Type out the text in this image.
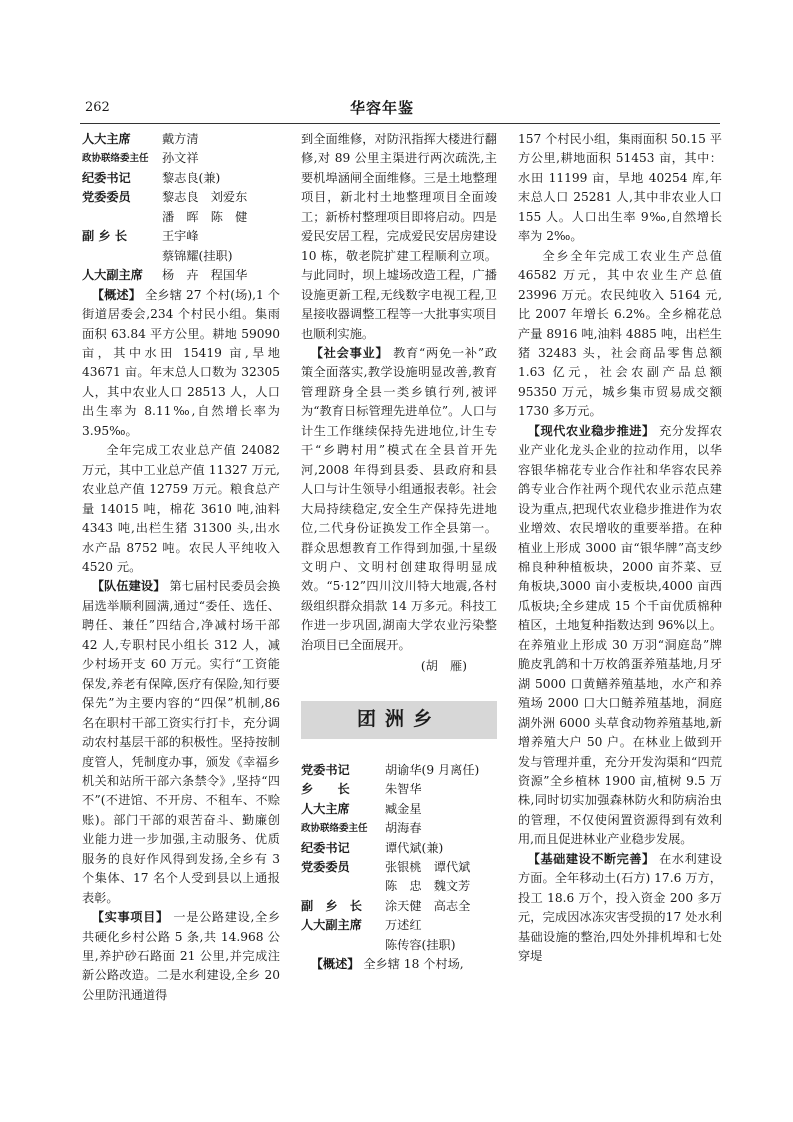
262	华容年鉴
人大主席	戴方清
政协联络委主任	孙文祥
纪委书记	黎志良(兼)
党委委员	黎志良　刘爱东
潘　晖　陈　健
副 乡 长	王宇峰
蔡锦耀(挂职)
人大副主席	杨　卉　程国华

【概述】 全乡辖 27 个村(场),1 个街道居委会,234 个村民小组。集雨面积 63.84 平方公里。耕地 59090 亩，其中水田 15419 亩,旱地 43671 亩。年末总人口数为 32305 人，其中农业人口 28513 人，人口出生率为 8.11‰,自然增长率为 3.95‰。

全年完成工农业总产值 24082 万元，其中工业总产值 11327 万元,农业总产值 12759 万元。粮食总产量 14015 吨，棉花 3610 吨,油料 4343 吨,出栏生猪 31300 头,出水水产品 8752 吨。农民人平纯收入 4520 元。

【队伍建设】 第七届村民委员会换届选举顺利圆满,通过“委任、选任、聘任、兼任”四结合,净减村场干部 42 人,专职村民小组长 312 人，减少村场开支 60 万元。实行“工资能保发,养老有保障,医疗有保险,知行要保先”为主要内容的“四保”机制,86 名在职村干部工资实行打卡，充分调动农村基层干部的积极性。坚持按制度管人，凭制度办事，颁发《幸福乡机关和站所干部六条禁令》,坚持“四不”(不进馆、不开房、不租车、不赊账)。部门干部的艰苦奋斗、勤廉创业能力进一步加强,主动服务、优质服务的良好作风得到发扬,全乡有 3 个集体、17 名个人受到县以上通报表彰。

【实事项目】 一是公路建设,全乡共硬化乡村公路 5 条,共 14.968 公里,养护砂石路面 21 公里,并完成注新公路改造。二是水利建设,全乡 20 公里防汛通道得

到全面维修，对防汛指挥大楼进行翻修,对 89 公里主渠进行两次疏洗,主要机埠涵闸全面维修。三是土地整理项目，新北村土地整理项目全面竣工；新桥村整理项目即将启动。四是爱民安居工程，完成爱民安居房建设 10 栋，敬老院扩建工程顺利立项。与此同时，坝上墟场改造工程，广播设施更新工程,无线数字电视工程,卫星接收器调整工程等一大批事实项目也顺利实施。

【社会事业】 教育“两免一补”政策全面落实,教学设施明显改善,教育管理跻身全县一类乡镇行列,被评为“教育日标管理先进单位”。人口与计生工作继续保持先进地位,计生专干“乡聘村用”模式在全县首开先河,2008 年得到县委、县政府和县人口与计生领导小组通报表彰。社会大局持续稳定,安全生产保持先进地位,二代身份证换发工作全县第一。群众思想教育工作得到加强,十星级文明户、文明村创建取得明显成效。“5·12”四川汶川特大地震,各村级组织群众捐款 14 万多元。科技工作进一步巩固,湖南大学农业污染整治项目已全面展开。

(胡　雁)
团洲乡
党委书记	胡谕华(9 月离任)
乡　　长	朱智华
人大主席	臧金星
政协联络委主任	胡海春
纪委书记	谭代斌(兼)
党委委员	张银桃　谭代斌
陈　忠　魏文芳
副　乡　长	涂天健　高志全
人大副主席	万述红
陈传容(挂职)

【概述】 全乡辖 18 个村场,

157 个村民小组，集雨面积 50.15 平方公里,耕地面积 51453 亩，其中：水田 11199 亩，旱地 40254 库,年末总人口 25281 人,其中非农业人口 155 人。人口出生率 9‰,自然增长率为 2‰。

全乡全年完成工农业生产总值 46582 万元，其中农业生产总值 23996 万元。农民纯收入 5164 元,比 2007 年增长 6.2%。全乡棉花总产量 8916 吨,油料 4885 吨，出栏生猪 32483 头，社会商品零售总额 1.63 亿元，社会农副产品总额 95350 万元，城乡集市贸易成交额1730 多万元。

【现代农业稳步推进】 充分发挥农业产业化龙头企业的拉动作用，以华容银华棉花专业合作社和华容农民养鸽专业合作社两个现代农业示范点建设为重点,把现代农业稳步推进作为农业增效、农民增收的重要举措。在种植业上形成 3000 亩“银华牌”高支纱棉良种种植板块，2000 亩芥菜、豆角板块,3000 亩小麦板块,4000 亩西瓜板块;全乡建成 15 个千亩优质棉种植区，土地复种指数达到 96%以上。在养殖业上形成 30 万羽“洞庭岛”牌脆皮乳鸽和十万枚鸽蛋养殖基地,月牙湖 5000 口黄鳝养殖基地，水产和养殖场 2000 口大口鲢养殖基地，洞庭湖外洲 6000 头草食动物养殖基地,新增养殖大户 50 户。在林业上做到开发与管理并重，充分开发沟渠和“四荒资源”全乡植林 1900 亩,植树 9.5 万株,同时切实加强森林防火和防病治虫的管理，不仅使闲置资源得到有效利用,而且促进林业产业稳步发展。

【基础建设不断完善】 在水利建设方面。全年移动土(石方) 17.6 万方，投工 18.6 万个，投入资金 200 多万元，完成因冰冻灾害受损的17 处水利基础设施的整治,四处外排机埠和七处穿堤
